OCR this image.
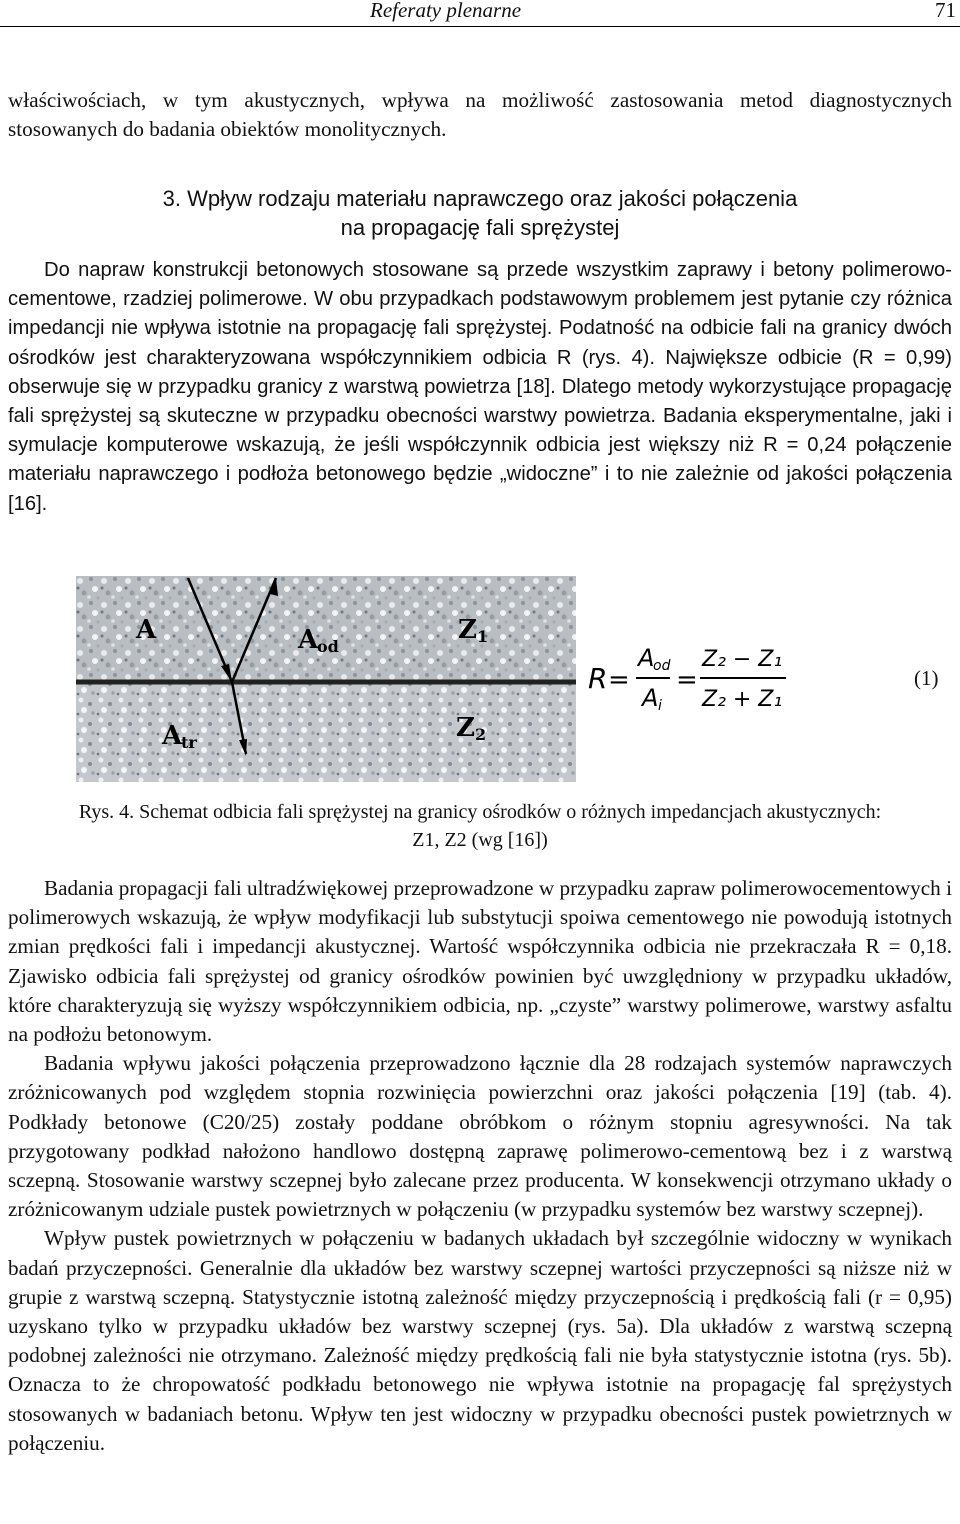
Referaty plenarne	71

właściwościach, w tym akustycznych, wpływa na możliwość zastosowania metod diagnostycznych stosowanych do badania obiektów monolitycznych.

3. Wpływ rodzaju materiału naprawczego oraz jakości połączenia
na propagację fali sprężystej

Do napraw konstrukcji betonowych stosowane są przede wszystkim zaprawy i betony polimerowo-cementowe, rzadziej polimerowe. W obu przypadkach podstawowym problemem jest pytanie czy różnica impedancji nie wpływa istotnie na propagację fali sprężystej. Podatność na odbicie fali na granicy dwóch ośrodków jest charakteryzowana współczynnikiem odbicia R (rys. 4). Największe odbicie (R = 0,99) obserwuje się w przypadku granicy z warstwą powietrza [18]. Dlatego metody wykorzystujące propagację fali sprężystej są skuteczne w przypadku obecności warstwy powietrza. Badania eksperymentalne, jaki i symulacje komputerowe wskazują, że jeśli współczynnik odbicia jest większy niż R = 0,24 połączenie materiału naprawczego i podłoża betonowego będzie „widoczne” i to nie zależnie od jakości połączenia [16].

A	A
od
Z 1
A
tr	Z 2
R =
A
od
A i
=
Z₂ − Z₁
Z₂ + Z₁
(1)
Rys. 4. Schemat odbicia fali sprężystej na granicy ośrodków o różnych impedancjach akustycznych:
Z1, Z2 (wg [16])
Badania propagacji fali ultradźwiękowej przeprowadzone w przypadku zapraw polimerowocementowych i polimerowych wskazują, że wpływ modyfikacji lub substytucji spoiwa cementowego nie powodują istotnych zmian prędkości fali i impedancji akustycznej. Wartość współczynnika odbicia nie przekraczała R = 0,18. Zjawisko odbicia fali sprężystej od granicy ośrodków powinien być uwzględniony w przypadku układów, które charakteryzują się wyższy współczynnikiem odbicia, np. „czyste” warstwy polimerowe, warstwy asfaltu na podłożu betonowym.
Badania wpływu jakości połączenia przeprowadzono łącznie dla 28 rodzajach systemów naprawczych zróżnicowanych pod względem stopnia rozwinięcia powierzchni oraz jakości połączenia [19] (tab. 4). Podkłady betonowe (C20/25) zostały poddane obróbkom o różnym stopniu agresywności. Na tak przygotowany podkład nałożono handlowo dostępną zaprawę polimerowo-cementową bez i z warstwą sczepną. Stosowanie warstwy sczepnej było zalecane przez producenta. W konsekwencji otrzymano układy o zróżnicowanym udziale pustek powietrznych w połączeniu (w przypadku systemów bez warstwy sczepnej).
Wpływ pustek powietrznych w połączeniu w badanych układach był szczególnie widoczny w wynikach badań przyczepności. Generalnie dla układów bez warstwy sczepnej wartości przyczepności są niższe niż w grupie z warstwą sczepną. Statystycznie istotną zależność między przyczepnością i prędkością fali (r = 0,95) uzyskano tylko w przypadku układów bez warstwy sczepnej (rys. 5a). Dla układów z warstwą sczepną podobnej zależności nie otrzymano. Zależność między prędkością fali nie była statystycznie istotna (rys. 5b). Oznacza to że chropowatość podkładu betonowego nie wpływa istotnie na propagację fal sprężystych stosowanych w badaniach betonu. Wpływ ten jest widoczny w przypadku obecności pustek powietrznych w połączeniu.
